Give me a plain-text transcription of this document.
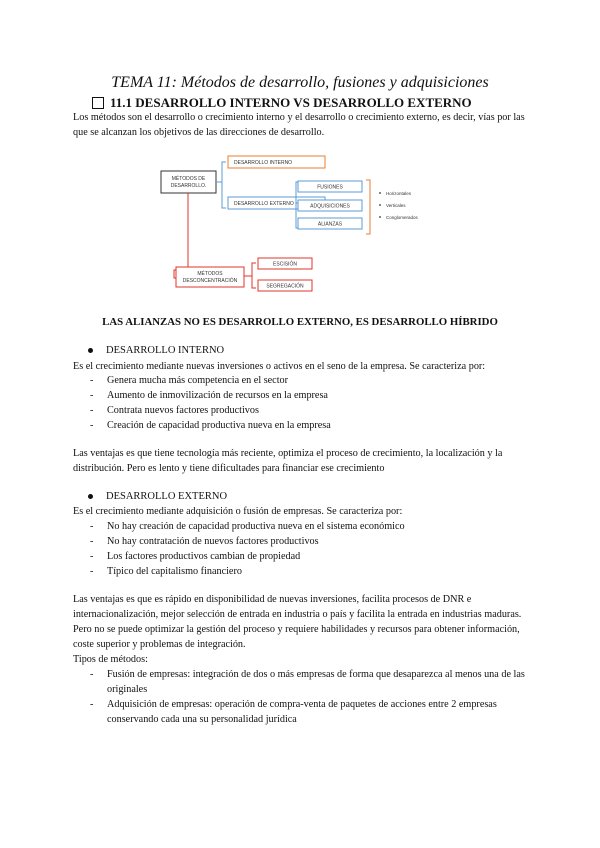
TEMA 11: Métodos de desarrollo, fusiones y adquisiciones
11.1 DESARROLLO INTERNO VS DESARROLLO EXTERNO

Los métodos son el desarrollo o crecimiento interno y el desarrollo o crecimiento externo, es decir, vías por las que se alcanzan los objetivos de las direcciones de desarrollo.

MÉTODOS DE
DESARROLLO.
DESARROLLO INTERNO
DESARROLLO EXTERNO
FUSIONES
ADQUISICIONES
ALIANZAS
Horizontales
Verticales
Conglomerados
MÉTODOS
DESCONCENTRACIÓN
ESCISIÓN
SEGREGACIÓN
LAS ALIANZAS NO ES DESARROLLO EXTERNO, ES DESARROLLO HÍBRIDO
DESARROLLO INTERNO

Es el crecimiento mediante nuevas inversiones o activos en el seno de la empresa. Se caracteriza por:

- Genera mucha más competencia en el sector
- Aumento de inmovilización de recursos en la empresa
- Contrata nuevos factores productivos
- Creación de capacidad productiva nueva en la empresa

Las ventajas es que tiene tecnología más reciente, optimiza el proceso de crecimiento, la localización y la distribución. Pero es lento y tiene dificultades para financiar ese crecimiento

DESARROLLO EXTERNO

Es el crecimiento mediante adquisición o fusión de empresas. Se caracteriza por:

- No hay creación de capacidad productiva nueva en el sistema económico
- No hay contratación de nuevos factores productivos
- Los factores productivos cambian de propiedad
- Típico del capitalismo financiero

Las ventajas es que es rápido en disponibilidad de nuevas inversiones, facilita procesos de DNR e internacionalización, mejor selección de entrada en industria o país y facilita la entrada en industrias maduras. Pero no se puede optimizar la gestión del proceso y requiere habilidades y recursos para obtener información, coste superior y problemas de integración.

Tipos de métodos:

- Fusión de empresas: integración de dos o más empresas de forma que desaparezca al menos una de las originales
- Adquisición de empresas: operación de compra-venta de paquetes de acciones entre 2 empresas conservando cada una su personalidad jurídica
